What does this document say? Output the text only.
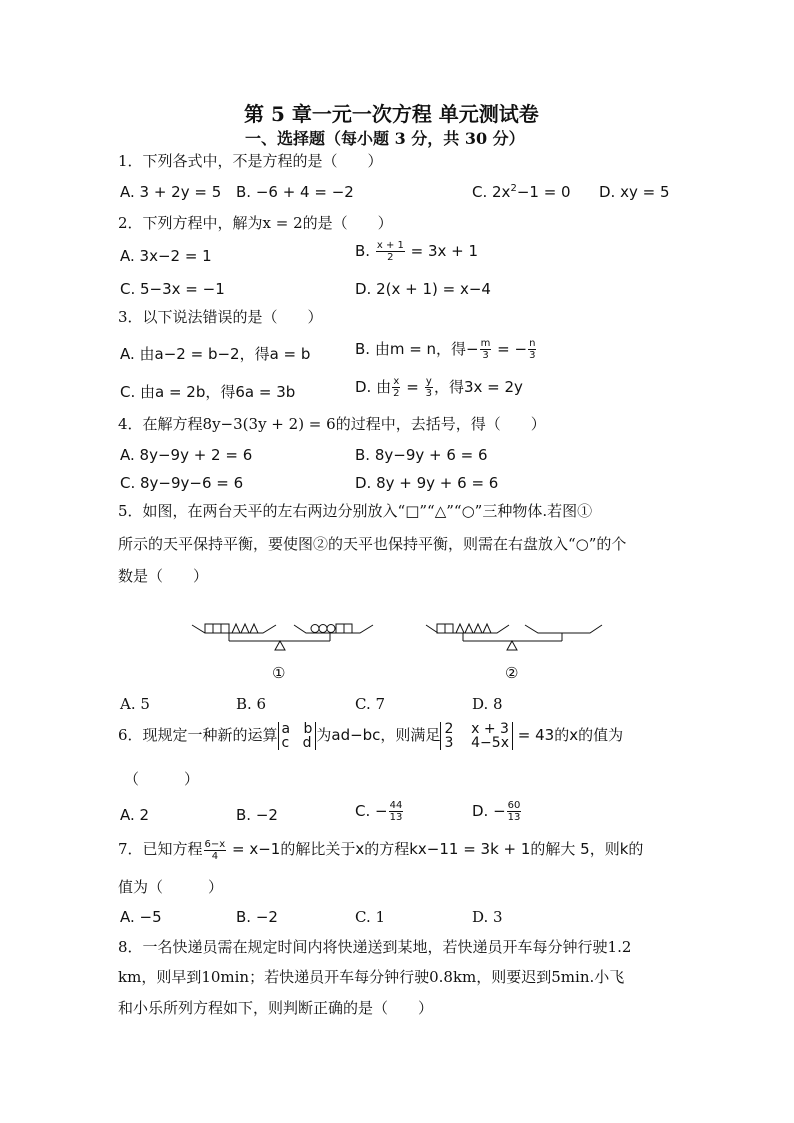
第 5 章一元一次方程 单元测试卷
一、选择题（每小题 3 分，共 30 分）
1．下列各式中，不是方程的是（　　）
A. 3 + 2y = 5 B. −6 + 4 = −2	C. $2x^2-1 = 0$ D. xy = 5
2．下列方程中，解为x = 2的是（　　）
A. 3x−2 = 1	B. $\frac{x + 1}{2} = 3x + 1$
C. 5−3x = −1	D. 2(x + 1) = x−4
3．以下说法错误的是（　　）
A. 由a−2 = b−2，得a = b	B. 由m = n，得− $\frac{m}{3}$ = − $\frac{n}{3}$
C. 由a = 2b，得6a = 3b	D. 由 $\frac{x}{2} = \frac{y}{3}$ ，得3x = 2y
4．在解方程8y−3(3y + 2) = 6的过程中，去括号，得（　　）
A. 8y−9y + 2 = 6	B. 8y−9y + 6 = 6
C. 8y−9y−6 = 6	D. 8y + 9y + 6 = 6
5．如图，在两台天平的左右两边分别放入“□”“△”“○”三种物体.若图①
所示的天平保持平衡，要使图②的天平也保持平衡，则需在右盘放入“○”的个
数是（　　）
①	②
A. 5	B. 6	C. 7	D. 8
6．现规定一种新的运算 a   b
c   d 为ad−bc，则满足 2    x + 3
3    4−5x = 43的x的值为
（　　　）
A. 2	B. −2	C. − $\frac{44}{13}$	D. − $\frac{60}{13}$
7．已知方程 $\frac{6-x}{4} = x-1$的解比关于x的方程kx−11 = 3k + 1的解大 5，则k的
值为（　　　）
A. −5	B. −2	C. 1	D. 3
8．一名快递员需在规定时间内将快递送到某地，若快递员开车每分钟行驶1.2
km，则早到10min；若快递员开车每分钟行驶0.8km，则要迟到5min.小飞
和小乐所列方程如下，则判断正确的是（　　）
